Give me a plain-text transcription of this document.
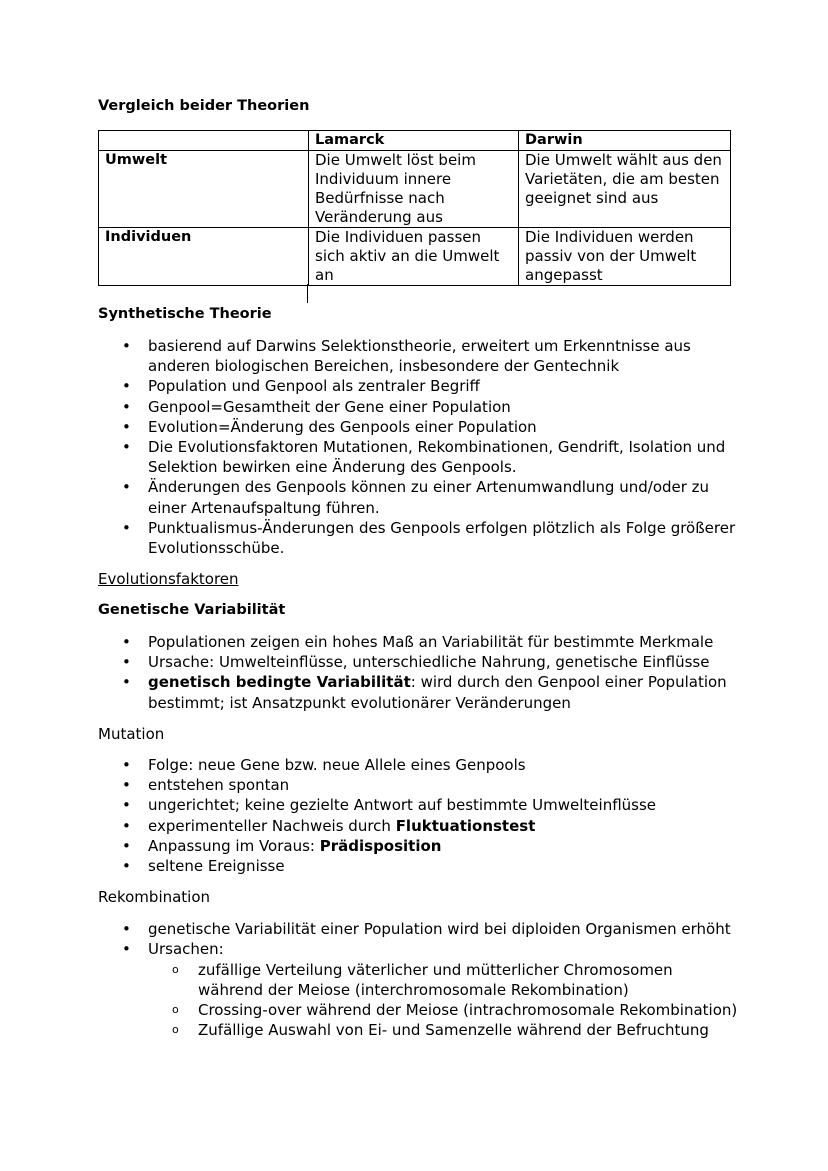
Vergleich beider Theorien

	Lamarck	Darwin
Umwelt	Die Umwelt löst beim Individuum innere Bedürfnisse nach Veränderung aus	Die Umwelt wählt aus den Varietäten, die am besten geeignet sind aus
Individuen	Die Individuen passen sich aktiv an die Umwelt an	Die Individuen werden passiv von der Umwelt angepasst

Synthetische Theorie

• basierend auf Darwins Selektionstheorie, erweitert um Erkenntnisse aus anderen biologischen Bereichen, insbesondere der Gentechnik
• Population und Genpool als zentraler Begriff
• Genpool=Gesamtheit der Gene einer Population
• Evolution=Änderung des Genpools einer Population
• Die Evolutionsfaktoren Mutationen, Rekombinationen, Gendrift, Isolation und Selektion bewirken eine Änderung des Genpools.
• Änderungen des Genpools können zu einer Artenumwandlung und/oder zu einer Artenaufspaltung führen.
• Punktualismus-Änderungen des Genpools erfolgen plötzlich als Folge größerer Evolutionsschübe.

Evolutionsfaktoren

Genetische Variabilität

• Populationen zeigen ein hohes Maß an Variabilität für bestimmte Merkmale
• Ursache: Umwelteinflüsse, unterschiedliche Nahrung, genetische Einflüsse
• genetisch bedingte Variabilität: wird durch den Genpool einer Population bestimmt; ist Ansatzpunkt evolutionärer Veränderungen

Mutation

• Folge: neue Gene bzw. neue Allele eines Genpools
• entstehen spontan
• ungerichtet; keine gezielte Antwort auf bestimmte Umwelteinflüsse
• experimenteller Nachweis durch Fluktuationstest
• Anpassung im Voraus: Prädisposition
• seltene Ereignisse

Rekombination

• genetische Variabilität einer Population wird bei diploiden Organismen erhöht
• Ursachen:
o zufällige Verteilung väterlicher und mütterlicher Chromosomen während der Meiose (interchromosomale Rekombination)
o Crossing-over während der Meiose (intrachromosomale Rekombination)
o Zufällige Auswahl von Ei- und Samenzelle während der Befruchtung
